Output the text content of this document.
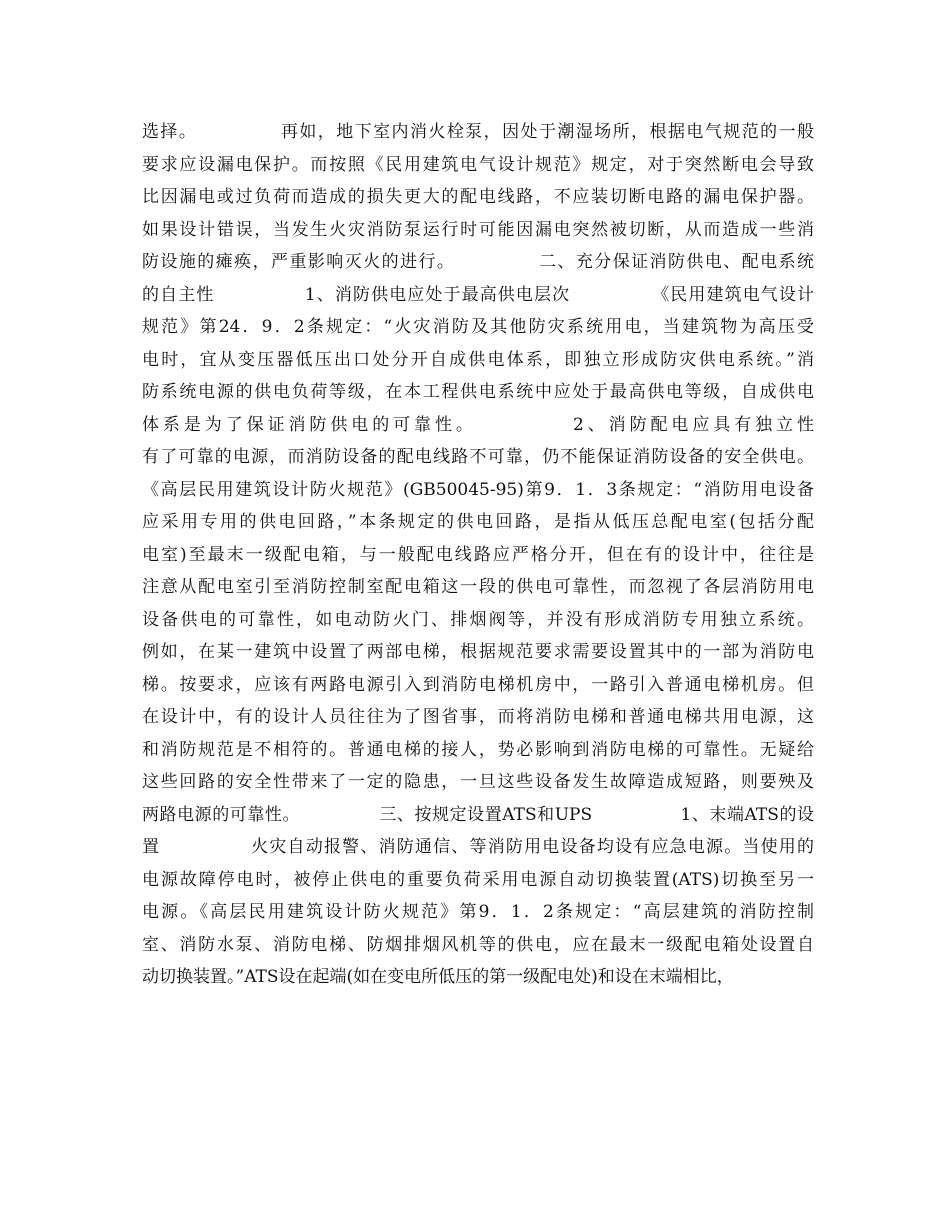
选择。　　　　　再如，地下室内消火栓泵，因处于潮湿场所，根据电气规范的一般
要求应设漏电保护。而按照《民用建筑电气设计规范》规定，对于突然断电会导致
比因漏电或过负荷而造成的损失更大的配电线路，不应装切断电路的漏电保护器。
如果设计错误，当发生火灾消防泵运行时可能因漏电突然被切断，从而造成一些消
防设施的瘫痪，严重影响灭火的进行。　　　　　二、充分保证消防供电、配电系统
的自主性　　　　　1、消防供电应处于最高供电层次　　　　　《民用建筑电气设计
规范》第24．9．2条规定：“火灾消防及其他防灾系统用电，当建筑物为高压受
电时，宜从变压器低压出口处分开自成供电体系，即独立形成防灾供电系统。”消
防系统电源的供电负荷等级，在本工程供电系统中应处于最高供电等级，自成供电
体系是为了保证消防供电的可靠性。　　　　　2、消防配电应具有独立性
有了可靠的电源，而消防设备的配电线路不可靠，仍不能保证消防设备的安全供电。
《高层民用建筑设计防火规范》(GB50045-95)第9．1．3条规定：“消防用电设备
应采用专用的供电回路，”本条规定的供电回路，是指从低压总配电室(包括分配
电室)至最末一级配电箱，与一般配电线路应严格分开，但在有的设计中，往往是
注意从配电室引至消防控制室配电箱这一段的供电可靠性，而忽视了各层消防用电
设备供电的可靠性，如电动防火门、排烟阀等，并没有形成消防专用独立系统。
例如，在某一建筑中设置了两部电梯，根据规范要求需要设置其中的一部为消防电
梯。按要求，应该有两路电源引入到消防电梯机房中，一路引入普通电梯机房。但
在设计中，有的设计人员往往为了图省事，而将消防电梯和普通电梯共用电源，这
和消防规范是不相符的。普通电梯的接人，势必影响到消防电梯的可靠性。无疑给
这些回路的安全性带来了一定的隐患，一旦这些设备发生故障造成短路，则要殃及
两路电源的可靠性。　　　　　三、按规定设置ATS和UPS　　　　　1、末端ATS的设
置　　　　　火灾自动报警、消防通信、等消防用电设备均设有应急电源。当使用的
电源故障停电时，被停止供电的重要负荷采用电源自动切换装置(ATS)切换至另一
电源。《高层民用建筑设计防火规范》第9．1．2条规定：“高层建筑的消防控制
室、消防水泵、消防电梯、防烟排烟风机等的供电，应在最末一级配电箱处设置自
动切换装置。”ATS设在起端(如在变电所低压的第一级配电处)和设在末端相比，
